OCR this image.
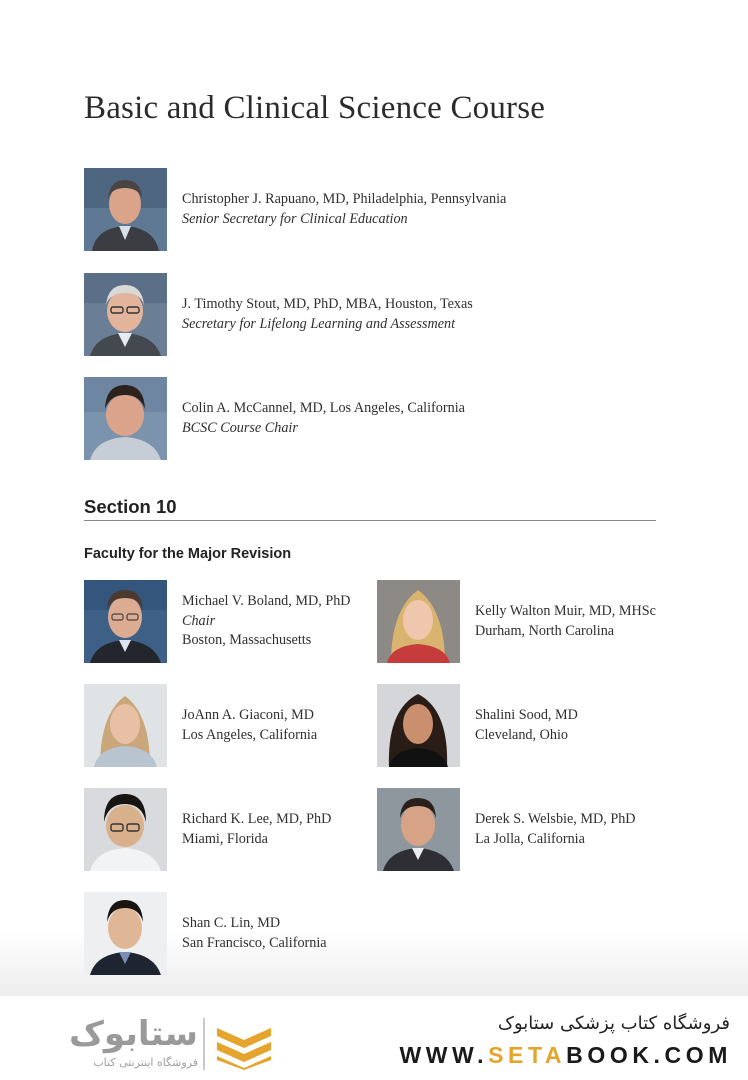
Basic and Clinical Science Course
Christopher J. Rapuano, MD, Philadelphia, Pennsylvania
Senior Secretary for Clinical Education
J. Timothy Stout, MD, PhD, MBA, Houston, Texas
Secretary for Lifelong Learning and Assessment
Colin A. McCannel, MD, Los Angeles, California
BCSC Course Chair
Section 10
Faculty for the Major Revision
Michael V. Boland, MD, PhD
Chair
Boston, Massachusetts
JoAnn A. Giaconi, MD
Los Angeles, California
Richard K. Lee, MD, PhD
Miami, Florida
Shan C. Lin, MD
San Francisco, California
Kelly Walton Muir, MD, MHSc
Durham, North Carolina
Shalini Sood, MD
Cleveland, Ohio
Derek S. Welsbie, MD, PhD
La Jolla, California
ستابوک
فروشگاه اینترنتی کتاب
فروشگاه کتاب پزشکی ستابوک
WWW.SETABOOK.COM
